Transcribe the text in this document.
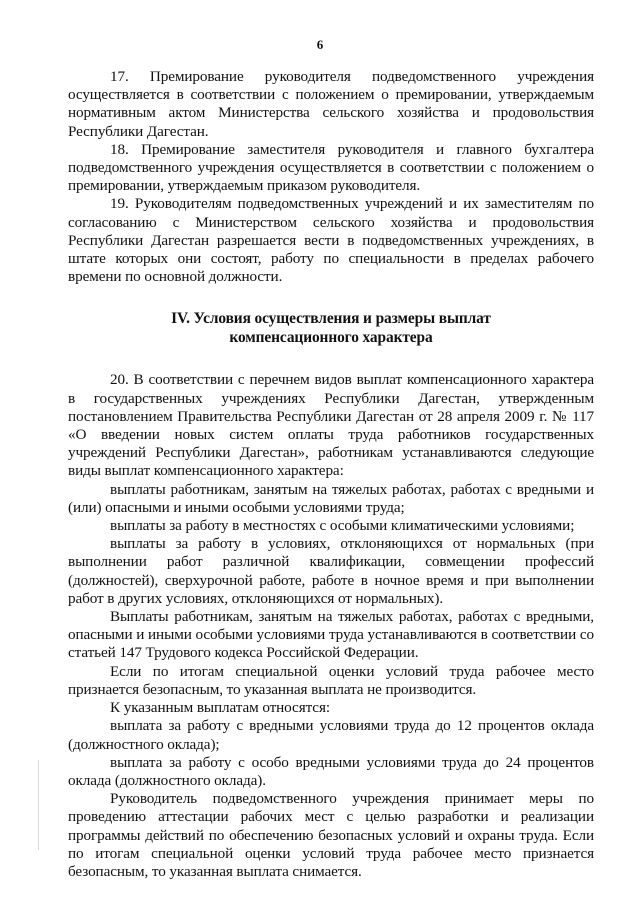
6

17. Премирование руководителя подведомственного учреждения осуществляется в соответствии с положением о премировании, утверждаемым нормативным актом Министерства сельского хозяйства и продовольствия Республики Дагестан.

18. Премирование заместителя руководителя и главного бухгалтера подведомственного учреждения осуществляется в соответствии с положением о премировании, утверждаемым приказом руководителя.

19. Руководителям подведомственных учреждений и их заместителям по согласованию с Министерством сельского хозяйства и продовольствия Республики Дагестан разрешается вести в подведомственных учреждениях, в штате которых они состоят, работу по специальности в пределах рабочего времени по основной должности.

IV. Условия осуществления и размеры выплат
компенсационного характера

20. В соответствии с перечнем видов выплат компенсационного характера в государственных учреждениях Республики Дагестан, утвержденным постановлением Правительства Республики Дагестан от 28 апреля 2009 г. № 117 «О введении новых систем оплаты труда работников государственных учреждений Республики Дагестан», работникам устанавливаются следующие виды выплат компенсационного характера:

выплаты работникам, занятым на тяжелых работах, работах с вредными и (или) опасными и иными особыми условиями труда;

выплаты за работу в местностях с особыми климатическими условиями;

выплаты за работу в условиях, отклоняющихся от нормальных (при выполнении работ различной квалификации, совмещении профессий (должностей), сверхурочной работе, работе в ночное время и при выполнении работ в других условиях, отклоняющихся от нормальных).

Выплаты работникам, занятым на тяжелых работах, работах с вредными, опасными и иными особыми условиями труда устанавливаются в соответствии со статьей 147 Трудового кодекса Российской Федерации.

Если по итогам специальной оценки условий труда рабочее место признается безопасным, то указанная выплата не производится.

К указанным выплатам относятся:

выплата за работу с вредными условиями труда до 12 процентов оклада (должностного оклада);

выплата за работу с особо вредными условиями труда до 24 процентов оклада (должностного оклада).

Руководитель подведомственного учреждения принимает меры по проведению аттестации рабочих мест с целью разработки и реализации программы действий по обеспечению безопасных условий и охраны труда. Если по итогам специальной оценки условий труда рабочее место признается безопасным, то указанная выплата снимается.
